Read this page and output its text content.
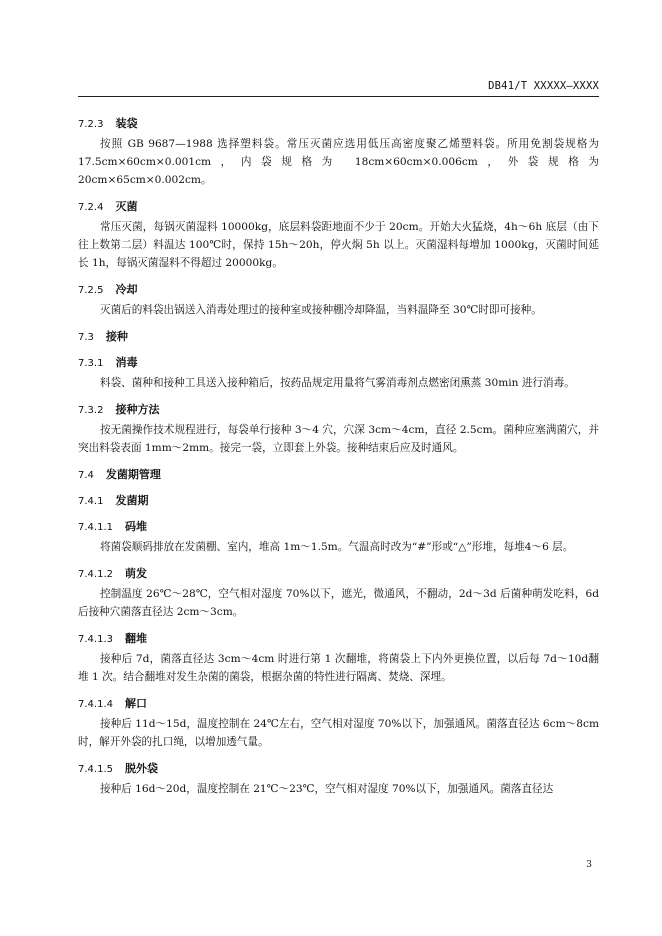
DB41/T XXXXX—XXXX
7.2.3 装袋
按照 GB 9687—1988 选择塑料袋。常压灭菌应选用低压高密度聚乙烯塑料袋。所用免割袋规格为17.5cm×60cm×0.001cm，内袋规格为 18cm×60cm×0.006cm，外袋规格为 20cm×65cm×0.002cm。
7.2.4 灭菌
常压灭菌，每锅灭菌湿料 10000kg，底层料袋距地面不少于 20cm。开始大火猛烧，4h～6h 底层（由下往上数第二层）料温达 100℃时，保持 15h～20h，停火焖 5h 以上。灭菌湿料每增加 1000kg，灭菌时间延长 1h，每锅灭菌湿料不得超过 20000kg。
7.2.5 冷却
灭菌后的料袋出锅送入消毒处理过的接种室或接种棚冷却降温，当料温降至 30℃时即可接种。
7.3 接种
7.3.1 消毒
料袋、菌种和接种工具送入接种箱后，按药品规定用量将气雾消毒剂点燃密闭熏蒸 30min 进行消毒。
7.3.2 接种方法
按无菌操作技术规程进行，每袋单行接种 3～4 穴，穴深 3cm～4cm，直径 2.5cm。菌种应塞满菌穴，并突出料袋表面 1mm～2mm。接完一袋，立即套上外袋。接种结束后应及时通风。
7.4 发菌期管理
7.4.1 发菌期
7.4.1.1 码堆
将菌袋顺码排放在发菌棚、室内，堆高 1m～1.5m。气温高时改为“#”形或“△”形堆，每堆4～6 层。
7.4.1.2 萌发
控制温度 26℃～28℃，空气相对湿度 70%以下，遮光，微通风，不翻动，2d～3d 后菌种萌发吃料，6d 后接种穴菌落直径达 2cm～3cm。
7.4.1.3 翻堆
接种后 7d，菌落直径达 3cm～4cm 时进行第 1 次翻堆，将菌袋上下内外更换位置，以后每 7d～10d翻堆 1 次。结合翻堆对发生杂菌的菌袋，根据杂菌的特性进行隔离、焚烧、深埋。
7.4.1.4 解口
接种后 11d～15d，温度控制在 24℃左右，空气相对湿度 70%以下，加强通风。菌落直径达 6cm～8cm 时，解开外袋的扎口绳，以增加透气量。
7.4.1.5 脱外袋
接种后 16d～20d，温度控制在 21℃～23℃，空气相对湿度 70%以下，加强通风。菌落直径达
3
